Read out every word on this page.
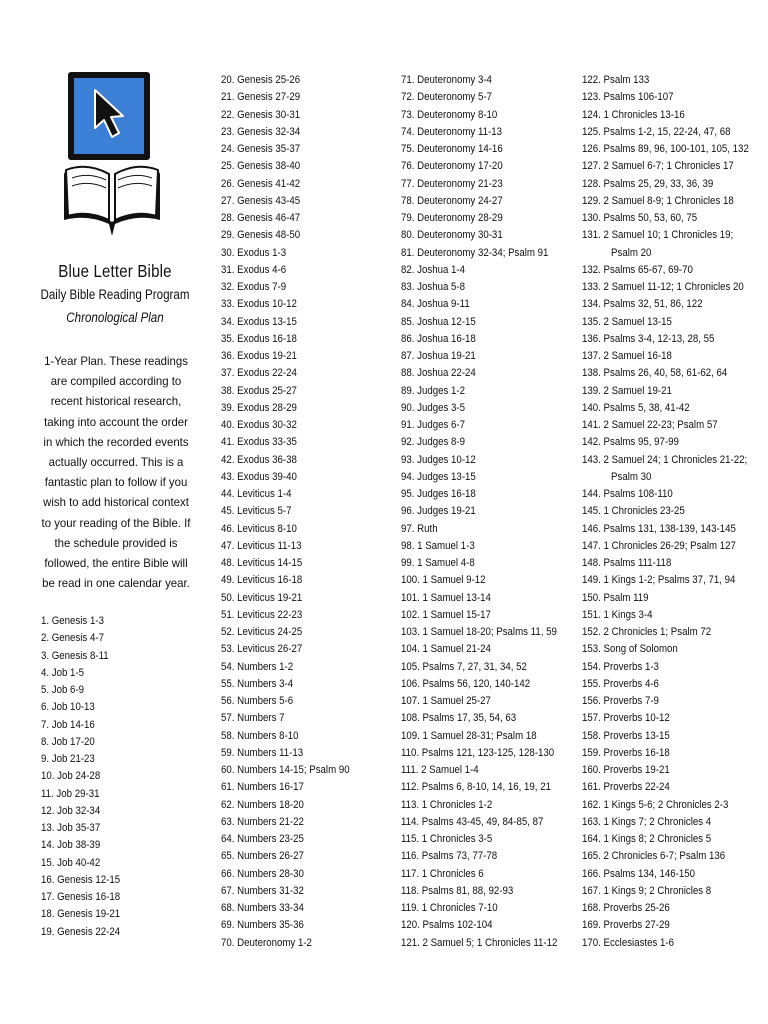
Blue Letter Bible
Daily Bible Reading Program
Chronological Plan
1-Year Plan. These readings are compiled according to recent historical research, taking into account the order in which the recorded events actually occurred. This is a fantastic plan to follow if you wish to add historical context to your reading of the Bible. If the schedule provided is followed, the entire Bible will be read in one calendar year.
1. Genesis 1-3
2. Genesis 4-7
3. Genesis 8-11
4. Job 1-5
5. Job 6-9
6. Job 10-13
7. Job 14-16
8. Job 17-20
9. Job 21-23
10. Job 24-28
11. Job 29-31
12. Job 32-34
13. Job 35-37
14. Job 38-39
15. Job 40-42
16. Genesis 12-15
17. Genesis 16-18
18. Genesis 19-21
19. Genesis 22-24
20. Genesis 25-26
21. Genesis 27-29
22. Genesis 30-31
23. Genesis 32-34
24. Genesis 35-37
25. Genesis 38-40
26. Genesis 41-42
27. Genesis 43-45
28. Genesis 46-47
29. Genesis 48-50
30. Exodus 1-3
31. Exodus 4-6
32. Exodus 7-9
33. Exodus 10-12
34. Exodus 13-15
35. Exodus 16-18
36. Exodus 19-21
37. Exodus 22-24
38. Exodus 25-27
39. Exodus 28-29
40. Exodus 30-32
41. Exodus 33-35
42. Exodus 36-38
43. Exodus 39-40
44. Leviticus 1-4
45. Leviticus 5-7
46. Leviticus 8-10
47. Leviticus 11-13
48. Leviticus 14-15
49. Leviticus 16-18
50. Leviticus 19-21
51. Leviticus 22-23
52. Leviticus 24-25
53. Leviticus 26-27
54. Numbers 1-2
55. Numbers 3-4
56. Numbers 5-6
57. Numbers 7
58. Numbers 8-10
59. Numbers 11-13
60. Numbers 14-15; Psalm 90
61. Numbers 16-17
62. Numbers 18-20
63. Numbers 21-22
64. Numbers 23-25
65. Numbers 26-27
66. Numbers 28-30
67. Numbers 31-32
68. Numbers 33-34
69. Numbers 35-36
70. Deuteronomy 1-2
71. Deuteronomy 3-4
72. Deuteronomy 5-7
73. Deuteronomy 8-10
74. Deuteronomy 11-13
75. Deuteronomy 14-16
76. Deuteronomy 17-20
77. Deuteronomy 21-23
78. Deuteronomy 24-27
79. Deuteronomy 28-29
80. Deuteronomy 30-31
81. Deuteronomy 32-34; Psalm 91
82. Joshua 1-4
83. Joshua 5-8
84. Joshua 9-11
85. Joshua 12-15
86. Joshua 16-18
87. Joshua 19-21
88. Joshua 22-24
89. Judges 1-2
90. Judges 3-5
91. Judges 6-7
92. Judges 8-9
93. Judges 10-12
94. Judges 13-15
95. Judges 16-18
96. Judges 19-21
97. Ruth
98. 1 Samuel 1-3
99. 1 Samuel 4-8
100. 1 Samuel 9-12
101. 1 Samuel 13-14
102. 1 Samuel 15-17
103. 1 Samuel 18-20; Psalms 11, 59
104. 1 Samuel 21-24
105. Psalms 7, 27, 31, 34, 52
106. Psalms 56, 120, 140-142
107. 1 Samuel 25-27
108. Psalms 17, 35, 54, 63
109. 1 Samuel 28-31; Psalm 18
110. Psalms 121, 123-125, 128-130
111. 2 Samuel 1-4
112. Psalms 6, 8-10, 14, 16, 19, 21
113. 1 Chronicles 1-2
114. Psalms 43-45, 49, 84-85, 87
115. 1 Chronicles 3-5
116. Psalms 73, 77-78
117. 1 Chronicles 6
118. Psalms 81, 88, 92-93
119. 1 Chronicles 7-10
120. Psalms 102-104
121. 2 Samuel 5; 1 Chronicles 11-12
122. Psalm 133
123. Psalms 106-107
124. 1 Chronicles 13-16
125. Psalms 1-2, 15, 22-24, 47, 68
126. Psalms 89, 96, 100-101, 105, 132
127. 2 Samuel 6-7; 1 Chronicles 17
128. Psalms 25, 29, 33, 36, 39
129. 2 Samuel 8-9; 1 Chronicles 18
130. Psalms 50, 53, 60, 75
131. 2 Samuel 10; 1 Chronicles 19;
Psalm 20
132. Psalms 65-67, 69-70
133. 2 Samuel 11-12; 1 Chronicles 20
134. Psalms 32, 51, 86, 122
135. 2 Samuel 13-15
136. Psalms 3-4, 12-13, 28, 55
137. 2 Samuel 16-18
138. Psalms 26, 40, 58, 61-62, 64
139. 2 Samuel 19-21
140. Psalms 5, 38, 41-42
141. 2 Samuel 22-23; Psalm 57
142. Psalms 95, 97-99
143. 2 Samuel 24; 1 Chronicles 21-22;
Psalm 30
144. Psalms 108-110
145. 1 Chronicles 23-25
146. Psalms 131, 138-139, 143-145
147. 1 Chronicles 26-29; Psalm 127
148. Psalms 111-118
149. 1 Kings 1-2; Psalms 37, 71, 94
150. Psalm 119
151. 1 Kings 3-4
152. 2 Chronicles 1; Psalm 72
153. Song of Solomon
154. Proverbs 1-3
155. Proverbs 4-6
156. Proverbs 7-9
157. Proverbs 10-12
158. Proverbs 13-15
159. Proverbs 16-18
160. Proverbs 19-21
161. Proverbs 22-24
162. 1 Kings 5-6; 2 Chronicles 2-3
163. 1 Kings 7; 2 Chronicles 4
164. 1 Kings 8; 2 Chronicles 5
165. 2 Chronicles 6-7; Psalm 136
166. Psalms 134, 146-150
167. 1 Kings 9; 2 Chronicles 8
168. Proverbs 25-26
169. Proverbs 27-29
170. Ecclesiastes 1-6
